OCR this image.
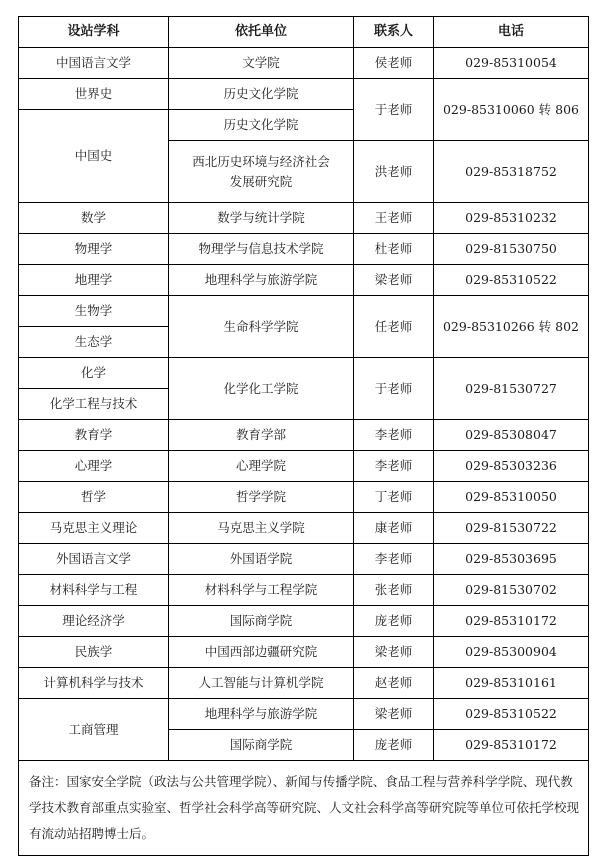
设站学科	依托单位	联系人	电话
中国语言文学	文学院	侯老师	029-85310054
世界史	历史文化学院	于老师	029-85310060 转 806
中国史	历史文化学院		
	西北历史环境与经济社会发展研究院	洪老师	029-85318752
数学	数学与统计学院	王老师	029-85310232
物理学	物理学与信息技术学院	杜老师	029-81530750
地理学	地理科学与旅游学院	梁老师	029-85310522
生物学	生命科学学院	任老师	029-85310266 转 802
生态学			
化学	化学化工学院	于老师	029-81530727
化学工程与技术			
教育学	教育学部	李老师	029-85308047
心理学	心理学院	李老师	029-85303236
哲学	哲学学院	丁老师	029-85310050
马克思主义理论	马克思主义学院	康老师	029-81530722
外国语言文学	外国语学院	李老师	029-85303695
材料科学与工程	材料科学与工程学院	张老师	029-81530702
理论经济学	国际商学院	庞老师	029-85310172
民族学	中国西部边疆研究院	梁老师	029-85300904
计算机科学与技术	人工智能与计算机学院	赵老师	029-85310161
工商管理	地理科学与旅游学院	梁老师	029-85310522
	国际商学院	庞老师	029-85310172
备注：国家安全学院（政法与公共管理学院）、新闻与传播学院、食品工程与营养科学学院、现代教学技术教育部重点实验室、哲学社会科学高等研究院、人文社会科学高等研究院等单位可依托学校现有流动站招聘博士后。			
